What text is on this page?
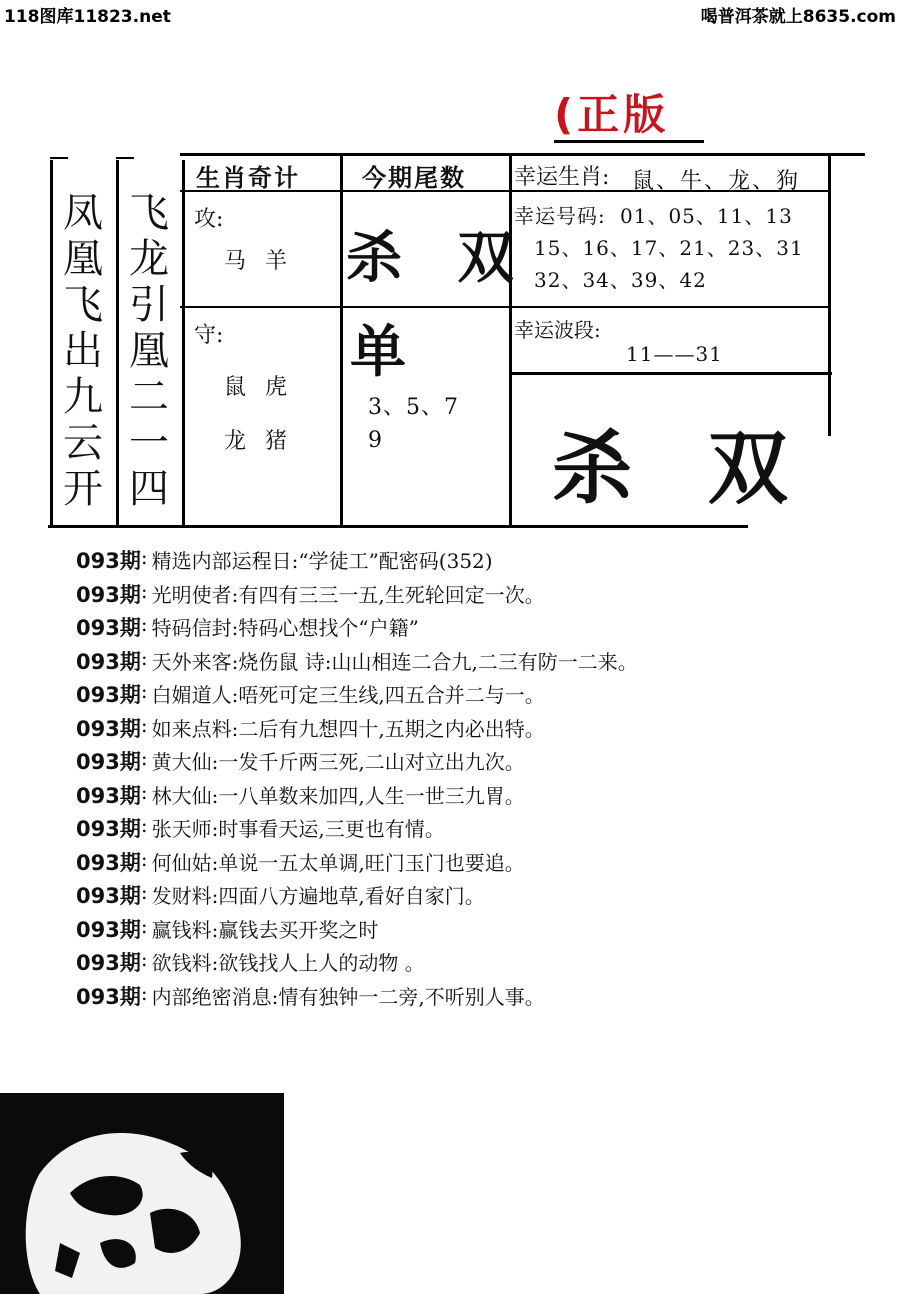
118图库11823.net	喝普洱茶就上8635.com
(正版
凤凰飞出九云开
飞龙引凰二一四
生肖奇计	今期尾数 幸运生肖: 鼠、牛、龙、狗
攻:
马 羊 杀 双
幸运号码: 01、05、11、13
15、16、17、21、23、31
32、34、39、42
守:
鼠 虎
龙 猪
单
3、5、7
9
幸运波段:
11——31
杀 双
093期 : 精选内部运程日: “学徒工”配密码(352)
093期 : 光明使者: 有四有三三一五,生死轮回定一次。
093期 : 特码信封: 特码心想找个“户籍”
093期 : 天外来客: 烧伤鼠 诗:山山相连二合九,二三有防一二来。
093期 : 白媚道人: 唔死可定三生线,四五合并二与一。
093期 : 如来点料: 二后有九想四十,五期之内必出特。
093期 : 黄大仙: 一发千斤两三死,二山对立出九次。
093期 : 林大仙: 一八单数来加四,人生一世三九胃。
093期 : 张天师: 时事看天运,三更也有情。
093期 : 何仙姑: 单说一五太单调,旺门玉门也要追。
093期 : 发财料: 四面八方遍地草,看好自家门。
093期 : 赢钱料: 赢钱去买开奖之时
093期 : 欲钱料: 欲钱找人上人的动物 。
093期 : 内部绝密消息: 情有独钟一二旁,不听别人事。
